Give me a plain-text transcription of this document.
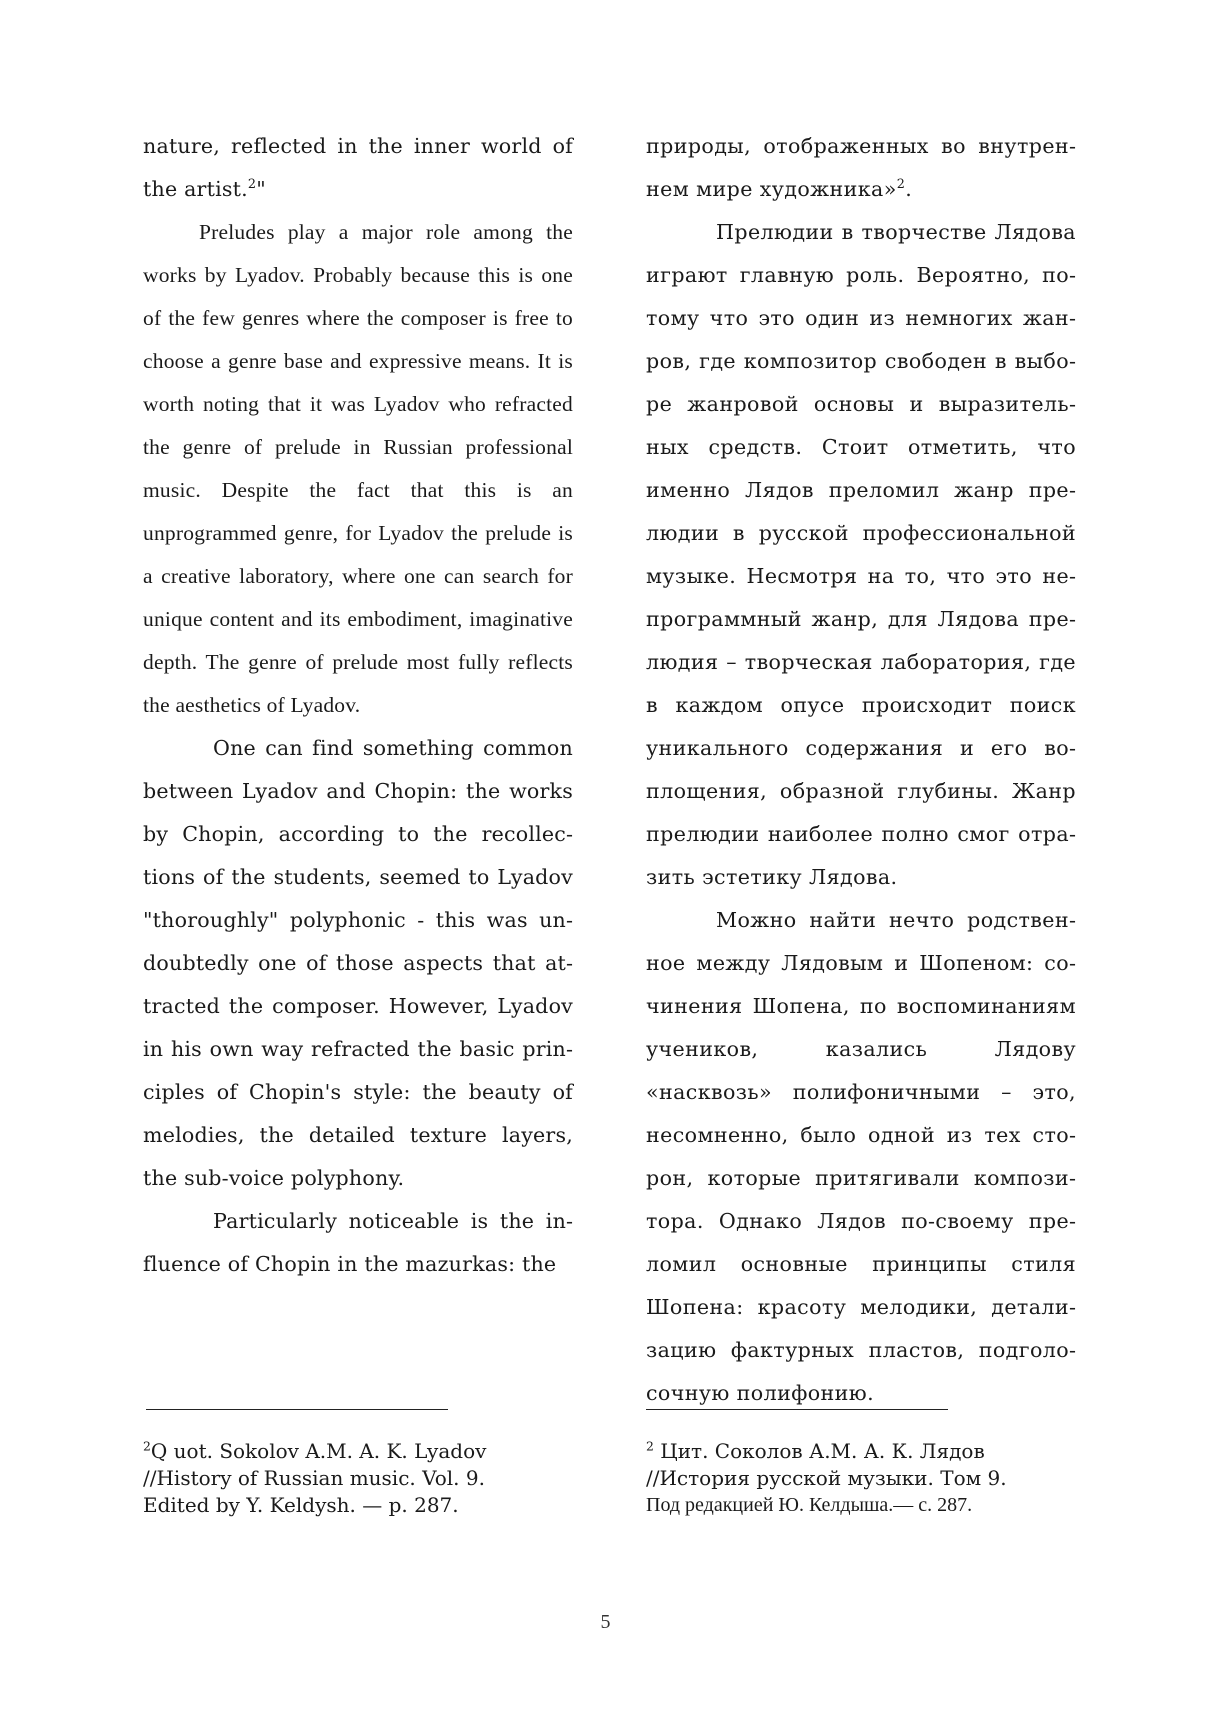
nature, reflected in the inner world of the artist.$^2$"

Preludes play a major role among the works by Lyadov. Probably because this is one of the few genres where the composer is free to choose a genre base and expressive means. It is worth noting that it was Lyadov who refracted the genre of prelude in Russian professional music. Despite the fact that this is an unprogrammed genre, for Lyadov the prelude is a creative laboratory, where one can search for unique content and its embodiment, imaginative depth. The genre of prelude most fully reflects the aesthetics of Lyadov.

One can find something common between Lyadov and Chopin: the works by Chopin, according to the recollections of the students, seemed to Lyadov "thoroughly" polyphonic - this was undoubtedly one of those aspects that attracted the composer. However, Lyadov in his own way refracted the basic principles of Chopin's style: the beauty of melodies, the detailed texture layers, the sub-voice polyphony.

Particularly noticeable is the influence of Chopin in the mazurkas: the

природы, отображенных во внутреннем мире художника»$^2$.

Прелюдии в творчестве Лядова играют главную роль. Вероятно, потому что это один из немногих жанров, где композитор свободен в выборе жанровой основы и выразительных средств. Стоит отметить, что именно Лядов преломил жанр прелюдии в русской профессиональной музыке. Несмотря на то, что это непрограммный жанр, для Лядова прелюдия – творческая лаборатория, где в каждом опусе происходит поиск уникального содержания и его воплощения, образной глубины. Жанр прелюдии наиболее полно смог отразить эстетику Лядова.

Можно найти нечто родственное между Лядовым и Шопеном: сочинения Шопена, по воспоминаниям учеников, казались Лядову «насквозь» полифоничными – это, несомненно, было одной из тех сторон, которые притягивали композитора. Однако Лядов по-своему преломил основные принципы стиля Шопена: красоту мелодики, детализацию фактурных пластов, подголосочную полифонию.

$^2$Q uot. Sokolov A.M. A. K. Lyadov
//History of Russian music. Vol. 9.
Edited by Y. Keldysh. — p. 287.
$^2$ Цит. Соколов А.М. А. К. Лядов
//История русской музыки. Том 9.
Под редакцией Ю. Келдыша.— с. 287.
5
